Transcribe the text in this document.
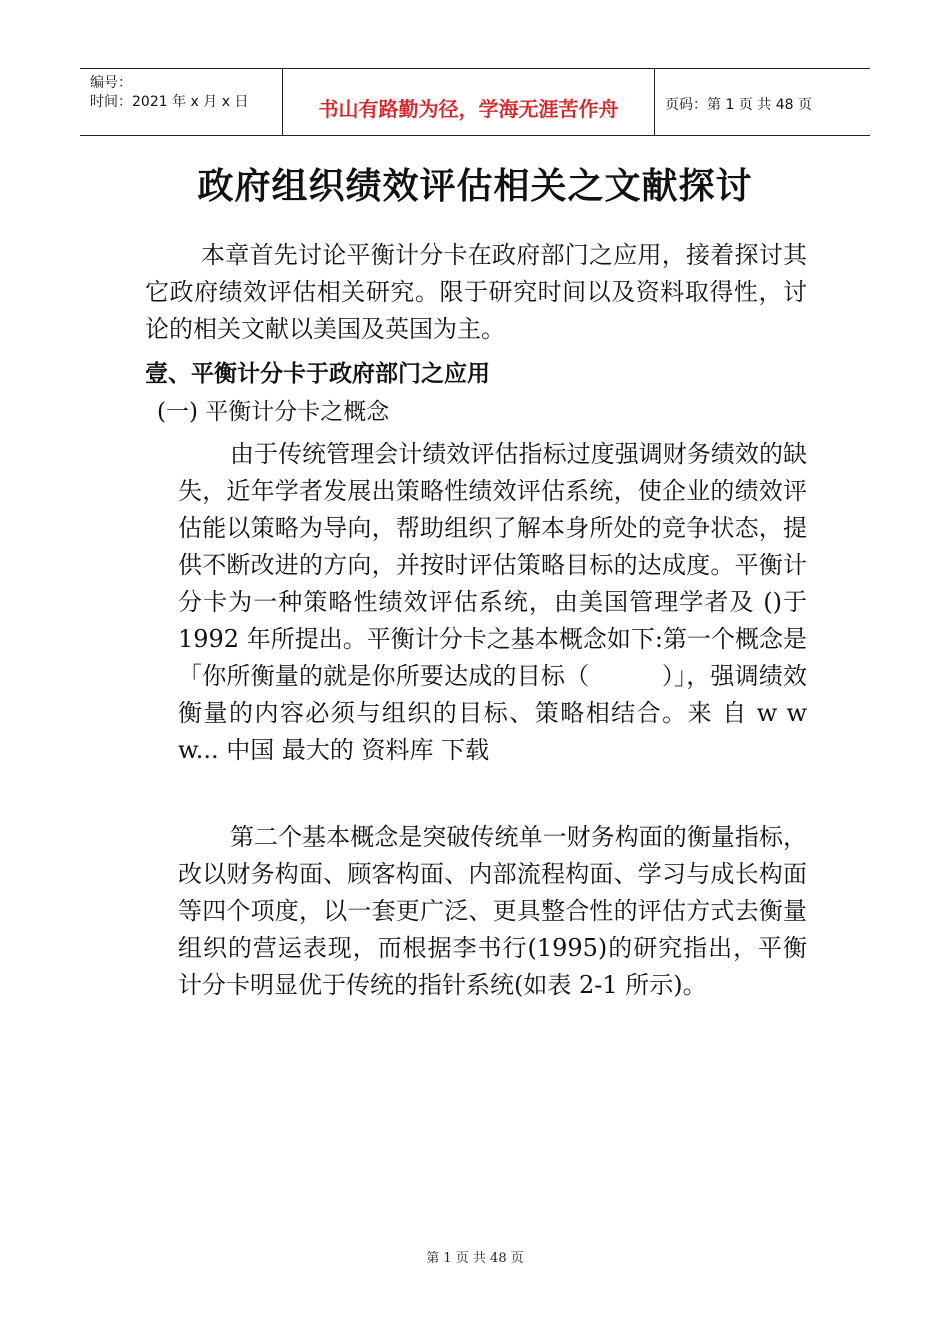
编号：
时间：2021 年 x 月 x 日	书山有路勤为径，学海无涯苦作舟	页码：第 1 页 共 48 页
政府组织绩效评估相关之文献探讨

本章首先讨论平衡计分卡在政府部门之应用，接着探讨其它政府绩效评估相关研究。限于研究时间以及资料取得性，讨论的相关文献以美国及英国为主。

壹、平衡计分卡于政府部门之应用
(一) 平衡计分卡之概念

由于传统管理会计绩效评估指标过度强调财务绩效的缺失，近年学者发展出策略性绩效评估系统，使企业的绩效评估能以策略为导向，帮助组织了解本身所处的竞争状态，提供不断改进的方向，并按时评估策略目标的达成度。平衡计分卡为一种策略性绩效评估系统，由美国管理学者及 ()于 1992 年所提出。平衡计分卡之基本概念如下:第一个概念是「你所衡量的就是你所要达成的目标（　　　）」，强调绩效衡量的内容必须与组织的目标、策略相结合。来 自 w w w... 中国 最大的 资料库 下载

第二个基本概念是突破传统单一财务构面的衡量指标，改以财务构面、顾客构面、内部流程构面、学习与成长构面等四个项度，以一套更广泛、更具整合性的评估方式去衡量组织的营运表现，而根据李书行(1995)的研究指出，平衡计分卡明显优于传统的指针系统(如表 2-1 所示)。

第 1 页 共 48 页
